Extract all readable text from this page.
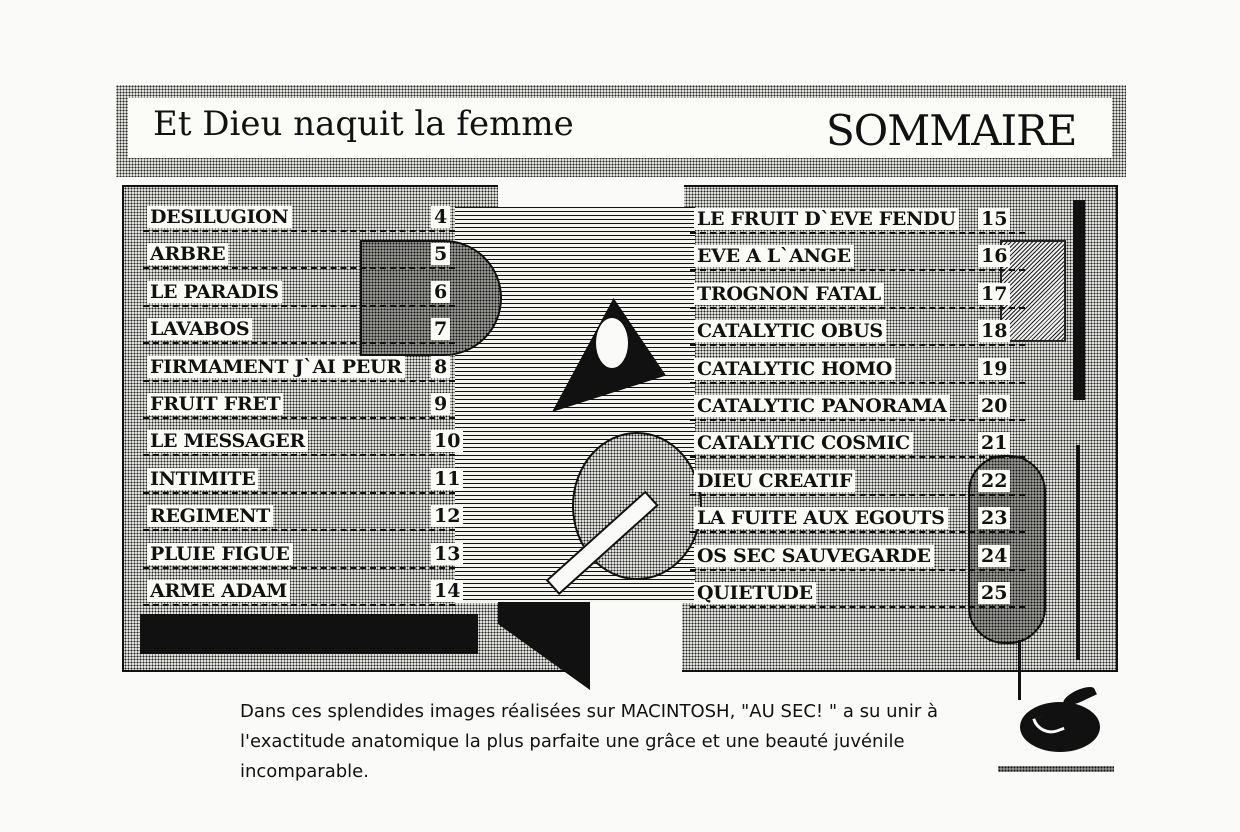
Et Dieu naquit la femme	SOMMAIRE
DESILUGION	4
ARBRE	5
LE PARADIS	6
LAVABOS	7
FIRMAMENT J`AI PEUR 8
FRUIT FRET	9
LE MESSAGER	10
INTIMITE	11
REGIMENT	12
PLUIE FIGUE	13
ARME ADAM	14
LE FRUIT D`EVE FENDU 15
EVE A L`ANGE	16
TROGNON FATAL	17
CATALYTIC OBUS	18
CATALYTIC HOMO	19
CATALYTIC PANORAMA 20
CATALYTIC COSMIC	21
DIEU CREATIF	22
LA FUITE AUX EGOUTS 23
OS SEC SAUVEGARDE	24
QUIETUDE	25
Dans ces splendides images réalisées sur MACINTOSH, "AU SEC! " a su unir à l'exactitude anatomique la plus parfaite une grâce et une beauté juvénile incomparable.
